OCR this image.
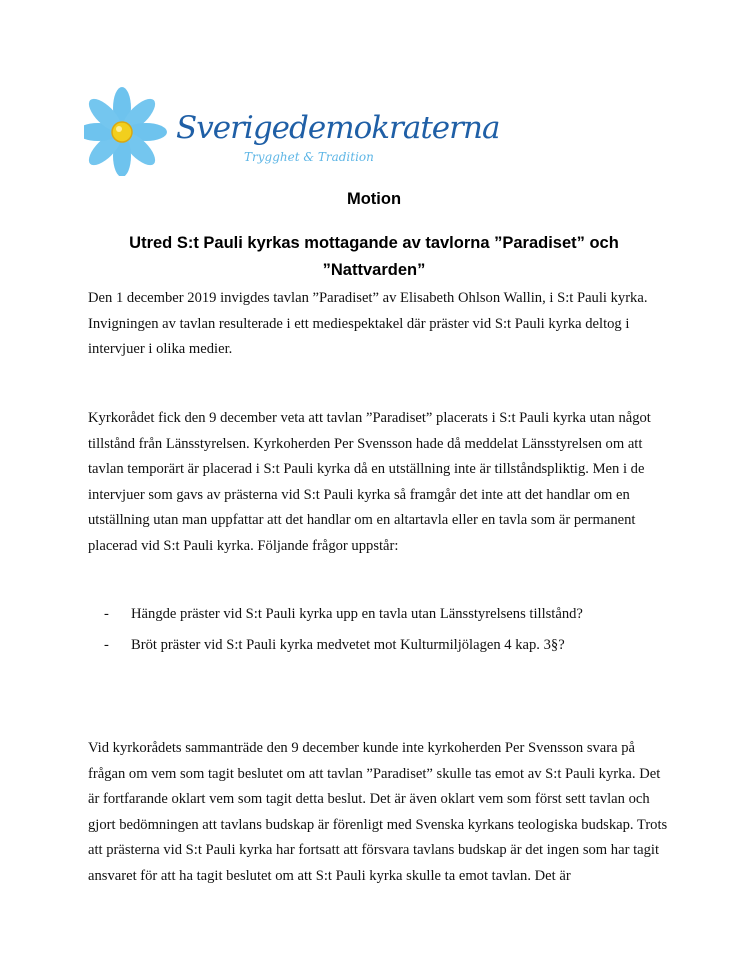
Sverigedemokraterna
Trygghet & Tradition
Motion
Utred S:t Pauli kyrkas mottagande av tavlorna ”Paradiset” och ”Nattvarden”

Den 1 december 2019 invigdes tavlan ”Paradiset” av Elisabeth Ohlson Wallin, i S:t Pauli kyrka. Invigningen av tavlan resulterade i ett mediespektakel där präster vid S:t Pauli kyrka deltog i intervjuer i olika medier.

Kyrkorådet fick den 9 december veta att tavlan ”Paradiset” placerats i S:t Pauli kyrka utan något tillstånd från Länsstyrelsen. Kyrkoherden Per Svensson hade då meddelat Länsstyrelsen om att tavlan temporärt är placerad i S:t Pauli kyrka då en utställning inte är tillståndspliktig. Men i de intervjuer som gavs av prästerna vid S:t Pauli kyrka så framgår det inte att det handlar om en utställning utan man uppfattar att det handlar om en altartavla eller en tavla som är permanent placerad vid S:t Pauli kyrka. Följande frågor uppstår:

- Hängde präster vid S:t Pauli kyrka upp en tavla utan Länsstyrelsens tillstånd?
- Bröt präster vid S:t Pauli kyrka medvetet mot Kulturmiljölagen 4 kap. 3§?

Vid kyrkorådets sammanträde den 9 december kunde inte kyrkoherden Per Svensson svara på frågan om vem som tagit beslutet om att tavlan ”Paradiset” skulle tas emot av S:t Pauli kyrka. Det är fortfarande oklart vem som tagit detta beslut. Det är även oklart vem som först sett tavlan och gjort bedömningen att tavlans budskap är förenligt med Svenska kyrkans teologiska budskap. Trots att prästerna vid S:t Pauli kyrka har fortsatt att försvara tavlans budskap är det ingen som har tagit ansvaret för att ha tagit beslutet om att S:t Pauli kyrka skulle ta emot tavlan. Det är
